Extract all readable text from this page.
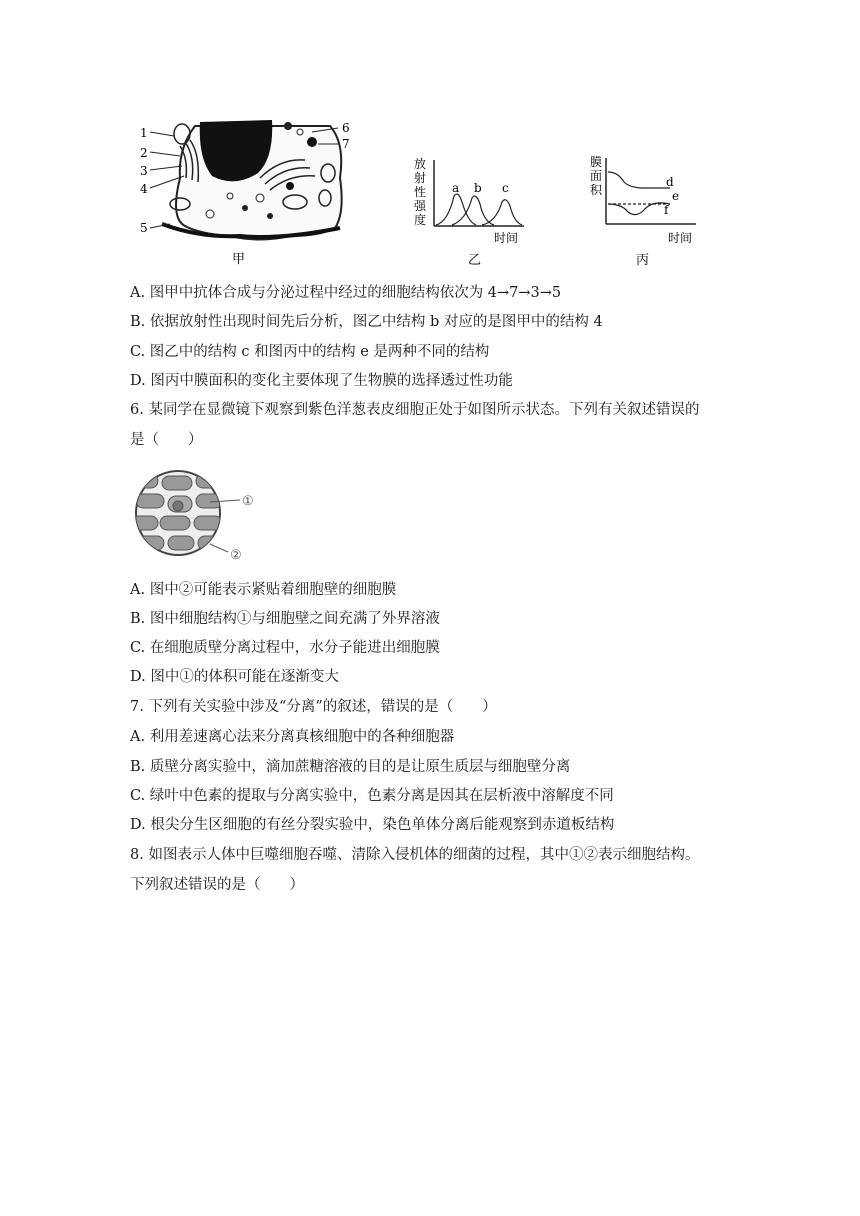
1
2
3
4
5
6
7
甲
放
射
性
强
度
a b c
时间
乙
膜
面
积
d
e
f
时间
丙
A. 图甲中抗体合成与分泌过程中经过的细胞结构依次为 4→7→3→5
B. 依据放射性出现时间先后分析，图乙中结构 b 对应的是图甲中的结构 4
C. 图乙中的结构 c 和图丙中的结构 e 是两种不同的结构
D. 图丙中膜面积的变化主要体现了生物膜的选择透过性功能
6. 某同学在显微镜下观察到紫色洋葱表皮细胞正处于如图所示状态。下列有关叙述错误的
是（　　）
①
②
A. 图中②可能表示紧贴着细胞壁的细胞膜
B. 图中细胞结构①与细胞壁之间充满了外界溶液
C. 在细胞质壁分离过程中，水分子能进出细胞膜
D. 图中①的体积可能在逐渐变大
7. 下列有关实验中涉及“分离”的叙述，错误的是（　　）
A. 利用差速离心法来分离真核细胞中的各种细胞器
B. 质壁分离实验中，滴加蔗糖溶液的目的是让原生质层与细胞壁分离
C. 绿叶中色素的提取与分离实验中，色素分离是因其在层析液中溶解度不同
D. 根尖分生区细胞的有丝分裂实验中，染色单体分离后能观察到赤道板结构
8. 如图表示人体中巨噬细胞吞噬、清除入侵机体的细菌的过程，其中①②表示细胞结构。
下列叙述错误的是（　　）
